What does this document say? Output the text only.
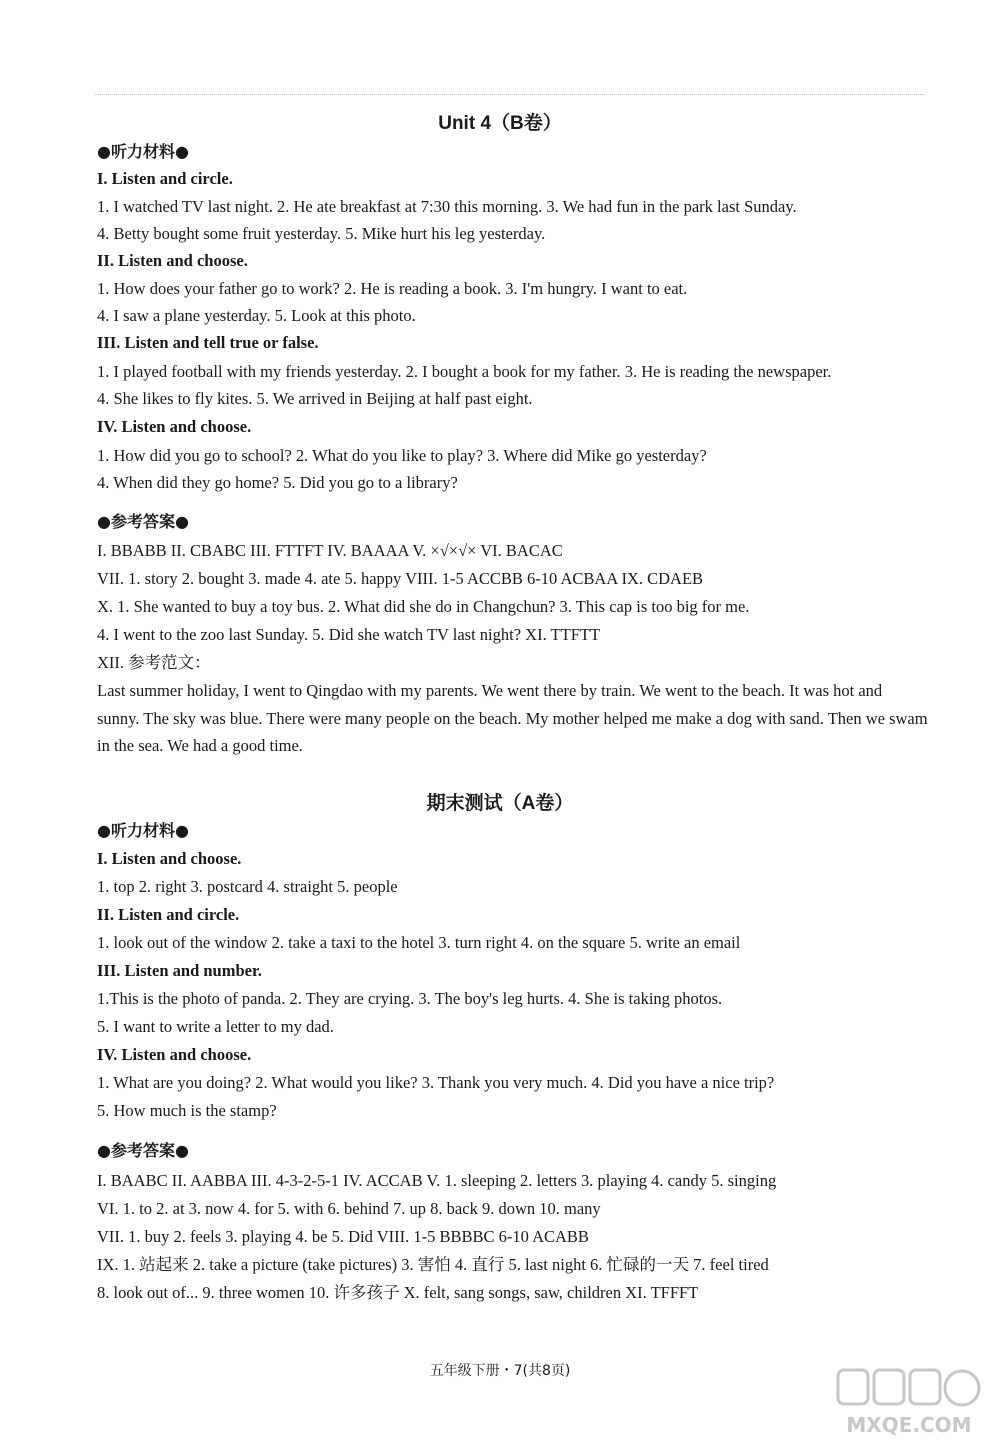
Unit 4（B卷）
●听力材料●
I. Listen and circle.
1. I watched TV last night. 2. He ate breakfast at 7:30 this morning. 3. We had fun in the park last Sunday.
4. Betty bought some fruit yesterday. 5. Mike hurt his leg yesterday.
II. Listen and choose.
1. How does your father go to work? 2. He is reading a book. 3. I'm hungry. I want to eat.
4. I saw a plane yesterday. 5. Look at this photo.
III. Listen and tell true or false.
1. I played football with my friends yesterday. 2. I bought a book for my father. 3. He is reading the newspaper.
4. She likes to fly kites. 5. We arrived in Beijing at half past eight.
IV. Listen and choose.
1. How did you go to school? 2. What do you like to play? 3. Where did Mike go yesterday?
4. When did they go home? 5. Did you go to a library?
●参考答案●
I. BBABB II. CBABC III. FTTFT IV. BAAAA V. ×√×√× VI. BACAC
VII. 1. story 2. bought 3. made 4. ate 5. happy VIII. 1-5 ACCBB 6-10 ACBAA IX. CDAEB
X. 1. She wanted to buy a toy bus. 2. What did she do in Changchun? 3. This cap is too big for me.
4. I went to the zoo last Sunday. 5. Did she watch TV last night? XI. TTFTT
XII. 参考范文：
Last summer holiday, I went to Qingdao with my parents. We went there by train. We went to the beach. It was hot and sunny. The sky was blue. There were many people on the beach. My mother helped me make a dog with sand. Then we swam in the sea. We had a good time.
期末测试（A卷）
●听力材料●
I. Listen and choose.
1. top 2. right 3. postcard 4. straight 5. people
II. Listen and circle.
1. look out of the window 2. take a taxi to the hotel 3. turn right 4. on the square 5. write an email
III. Listen and number.
1.This is the photo of panda. 2. They are crying. 3. The boy's leg hurts. 4. She is taking photos.
5. I want to write a letter to my dad.
IV. Listen and choose.
1. What are you doing? 2. What would you like? 3. Thank you very much. 4. Did you have a nice trip?
5. How much is the stamp?
●参考答案●
I. BAABC II. AABBA III. 4-3-2-5-1 IV. ACCAB V. 1. sleeping 2. letters 3. playing 4. candy 5. singing
VI. 1. to 2. at 3. now 4. for 5. with 6. behind 7. up 8. back 9. down 10. many
VII. 1. buy 2. feels 3. playing 4. be 5. Did VIII. 1-5 BBBBC 6-10 ACABB
IX. 1. 站起来 2. take a picture (take pictures) 3. 害怕 4. 直行 5. last night 6. 忙碌的一天 7. feel tired
8. look out of... 9. three women 10. 许多孩子 X. felt, sang songs, saw, children XI. TFFFT
五年级下册・7(共8页)
MXQE.COM
